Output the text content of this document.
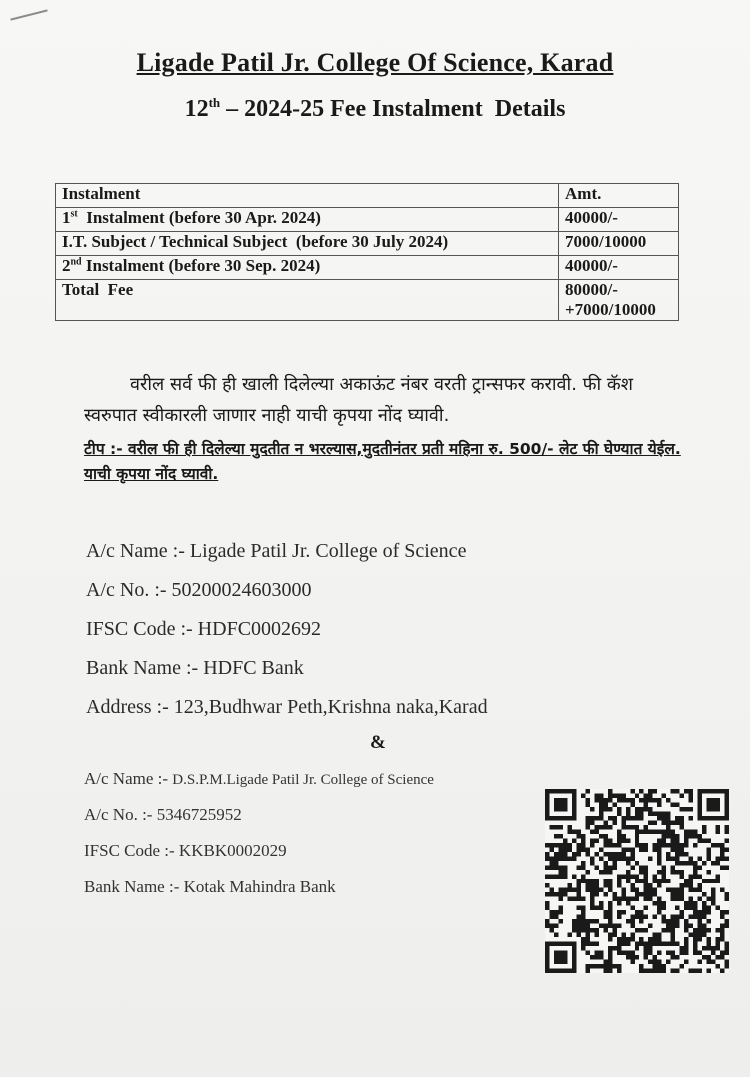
Ligade Patil Jr. College Of Science, Karad
12th – 2024-25 Fee Instalment  Details
Instalment	Amt.
1st  Instalment (before 30 Apr. 2024)	40000/-
I.T. Subject / Technical Subject  (before 30 July 2024)	7000/10000
2nd Instalment (before 30 Sep. 2024)	40000/-
Total  Fee	80000/-
+7000/10000
वरील सर्व फी ही खाली दिलेल्या अकाऊंट नंबर वरती ट्रान्सफर करावी. फी कॅश स्वरुपात स्वीकारली जाणार नाही याची कृपया नोंद घ्यावी.
टीप :- वरील फी ही दिलेल्या मुदतीत न भरल्यास,मुदतीनंतर प्रती महिना रु. 500/- लेट फी घेण्यात येईल. याची कृपया नोंद घ्यावी.
A/c Name :- Ligade Patil Jr. College of Science
A/c No. :- 50200024603000
IFSC Code :- HDFC0002692
Bank Name :- HDFC Bank
Address :- 123,Budhwar Peth,Krishna naka,Karad
&
A/c Name :- D.S.P.M.Ligade Patil Jr. College of Science
A/c No. :- 5346725952
IFSC Code :- KKBK0002029
Bank Name :- Kotak Mahindra Bank
